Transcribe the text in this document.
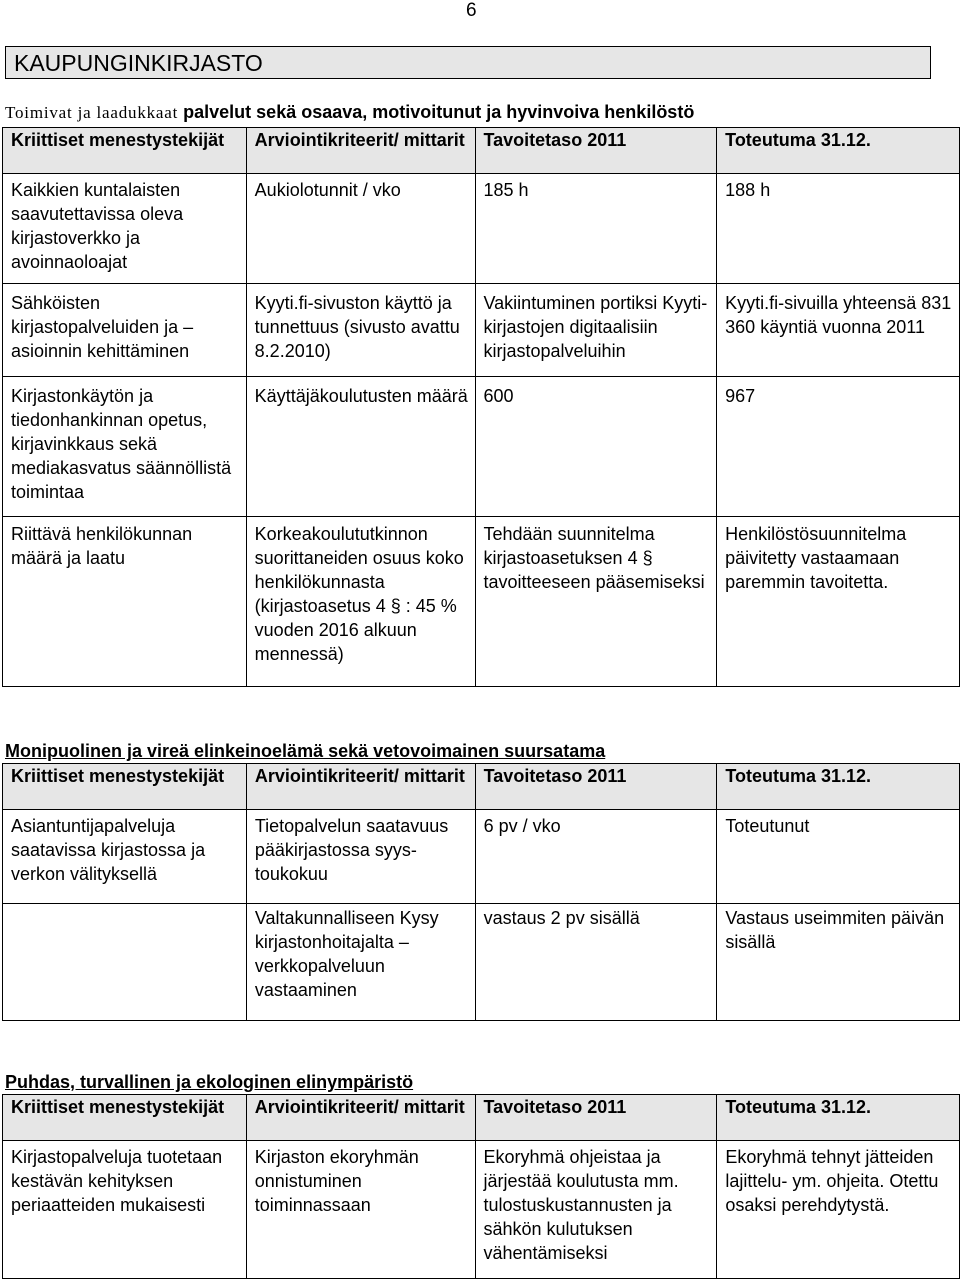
6
KAUPUNGINKIRJASTO
Toimivat ja laadukkaat palvelut sekä osaava, motivoitunut ja hyvinvoiva henkilöstö
Kriittiset menestystekijät	Arviointikriteerit/ mittarit	Tavoitetaso 2011	Toteutuma 31.12.
Kaikkien kuntalaisten saavutettavissa oleva kirjastoverkko ja avoinnaoloajat	Aukiolotunnit / vko	185 h	188 h
Sähköisten kirjastopalveluiden ja –asioinnin kehittäminen	Kyyti.fi-sivuston käyttö ja tunnettuus (sivusto avattu 8.2.2010)	Vakiintuminen portiksi Kyyti-kirjastojen digitaalisiin kirjastopalveluihin	Kyyti.fi-sivuilla yhteensä 831 360 käyntiä vuonna 2011
Kirjastonkäytön ja tiedonhankinnan opetus, kirjavinkkaus sekä mediakasvatus säännöllistä toimintaa	Käyttäjäkoulutusten määrä	600	967
Riittävä henkilökunnan määrä ja laatu	Korkeakoulututkinnon suorittaneiden osuus koko henkilökunnasta (kirjastoasetus 4 § : 45 % vuoden 2016 alkuun mennessä)	Tehdään suunnitelma kirjastoasetuksen 4 § tavoitteeseen pääsemiseksi	Henkilöstösuunnitelma päivitetty vastaamaan paremmin tavoitetta.
Monipuolinen ja vireä elinkeinoelämä sekä vetovoimainen suursatama
Kriittiset menestystekijät	Arviointikriteerit/ mittarit	Tavoitetaso 2011	Toteutuma 31.12.
Asiantuntijapalveluja saatavissa kirjastossa ja verkon välityksellä	Tietopalvelun saatavuus pääkirjastossa syys-toukokuu	6 pv / vko	Toteutunut
	Valtakunnalliseen Kysy kirjastonhoitajalta – verkkopalveluun vastaaminen	vastaus 2 pv sisällä	Vastaus useimmiten päivän sisällä
Puhdas, turvallinen ja ekologinen elinympäristö
Kriittiset menestystekijät	Arviointikriteerit/ mittarit	Tavoitetaso 2011	Toteutuma 31.12.
Kirjastopalveluja tuotetaan kestävän kehityksen periaatteiden mukaisesti	Kirjaston ekoryhmän onnistuminen toiminnassaan	Ekoryhmä ohjeistaa ja järjestää koulutusta mm. tulostuskustannusten ja sähkön kulutuksen vähentämiseksi	Ekoryhmä tehnyt jätteiden lajittelu- ym. ohjeita. Otettu osaksi perehdytystä.
